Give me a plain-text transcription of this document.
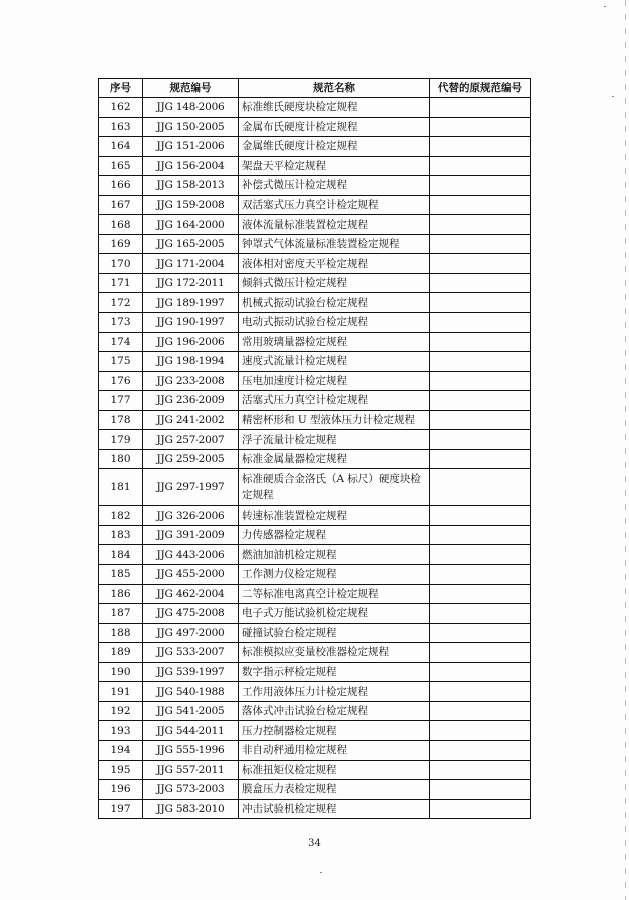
序号	规范编号	规范名称	代替的原规范编号
162	JJG 148-2006	标准维氏硬度块检定规程	
163	JJG 150-2005	金属布氏硬度计检定规程	
164	JJG 151-2006	金属维氏硬度计检定规程	
165	JJG 156-2004	架盘天平检定规程	
166	JJG 158-2013	补偿式微压计检定规程	
167	JJG 159-2008	双活塞式压力真空计检定规程	
168	JJG 164-2000	液体流量标准装置检定规程	
169	JJG 165-2005	钟罩式气体流量标准装置检定规程	
170	JJG 171-2004	液体相对密度天平检定规程	
171	JJG 172-2011	倾斜式微压计检定规程	
172	JJG 189-1997	机械式振动试验台检定规程	
173	JJG 190-1997	电动式振动试验台检定规程	
174	JJG 196-2006	常用玻璃量器检定规程	
175	JJG 198-1994	速度式流量计检定规程	
176	JJG 233-2008	压电加速度计检定规程	
177	JJG 236-2009	活塞式压力真空计检定规程	
178	JJG 241-2002	精密杯形和 U 型液体压力计检定规程	
179	JJG 257-2007	浮子流量计检定规程	
180	JJG 259-2005	标准金属量器检定规程	
181	JJG 297-1997	标准硬质合金洛氏（A 标尺）硬度块检定规程	
182	JJG 326-2006	转速标准装置检定规程	
183	JJG 391-2009	力传感器检定规程	
184	JJG 443-2006	燃油加油机检定规程	
185	JJG 455-2000	工作测力仪检定规程	
186	JJG 462-2004	二等标准电离真空计检定规程	
187	JJG 475-2008	电子式万能试验机检定规程	
188	JJG 497-2000	碰撞试验台检定规程	
189	JJG 533-2007	标准模拟应变量校准器检定规程	
190	JJG 539-1997	数字指示秤检定规程	
191	JJG 540-1988	工作用液体压力计检定规程	
192	JJG 541-2005	落体式冲击试验台检定规程	
193	JJG 544-2011	压力控制器检定规程	
194	JJG 555-1996	非自动秤通用检定规程	
195	JJG 557-2011	标准扭矩仪检定规程	
196	JJG 573-2003	膜盒压力表检定规程	
197	JJG 583-2010	冲击试验机检定规程	
34
